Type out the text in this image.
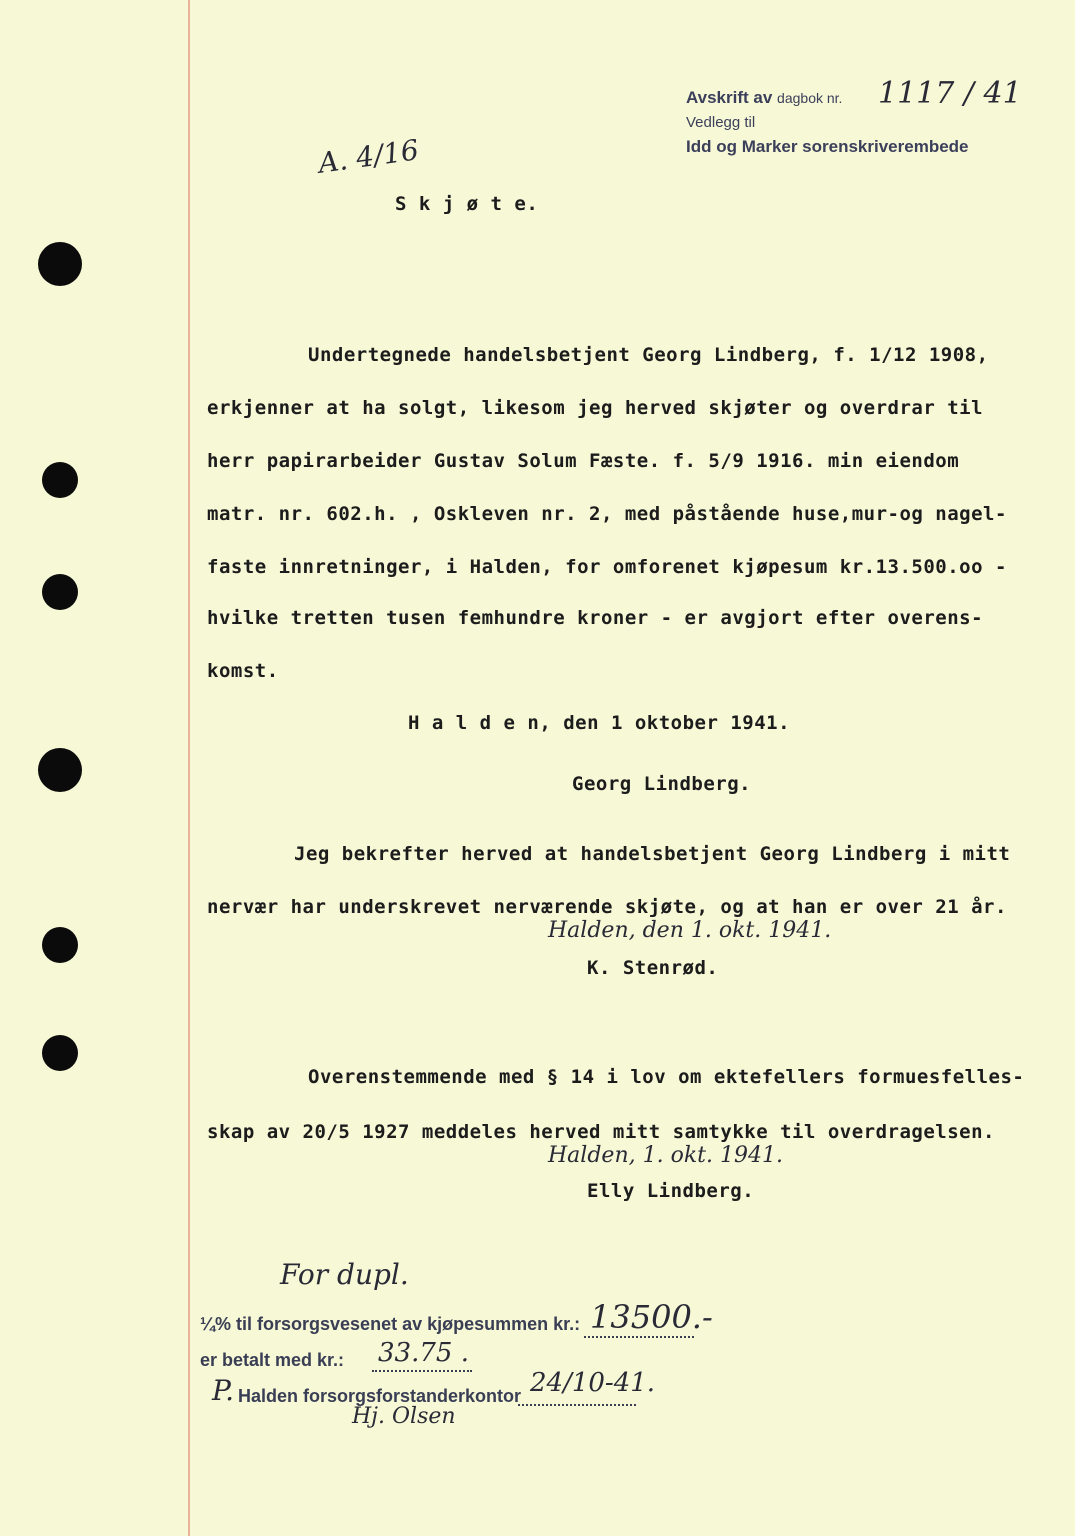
Avskrift av dagbok nr. 1117 / 41
Vedlegg til
Idd og Marker sorenskriverembede
A. 4/16
S k j ø t e.
Undertegnede handelsbetjent Georg Lindberg, f. 1/12 1908,
erkjenner at ha solgt, likesom jeg herved skjøter og overdrar til
herr papirarbeider Gustav Solum Fæste. f. 5/9 1916. min eiendom
matr. nr. 602.h. , Oskleven nr. 2, med påstående huse,mur-og nagel-
faste innretninger, i Halden, for omforenet kjøpesum kr.13.500.oo -
hvilke tretten tusen femhundre kroner - er avgjort efter overens-
komst.
H a l d e n, den 1 oktober 1941.
Georg Lindberg.
Jeg bekrefter herved at handelsbetjent Georg Lindberg i mitt
nervær har underskrevet nerværende skjøte, og at han er over 21 år.
Halden, den 1. okt. 1941.
K. Stenrød.
Overenstemmende med § 14 i lov om ektefellers formuesfelles-
skap av 20/5 1927 meddeles herved mitt samtykke til overdragelsen.
Halden, 1. okt. 1941.
Elly Lindberg.
For dupl.
¼% til forsorgsvesenet av kjøpesummen kr.: 13500.-
er betalt med kr.: 33.75 .
P. Halden forsorgsforstanderkontor 24/10-41.
Hj. Olsen
